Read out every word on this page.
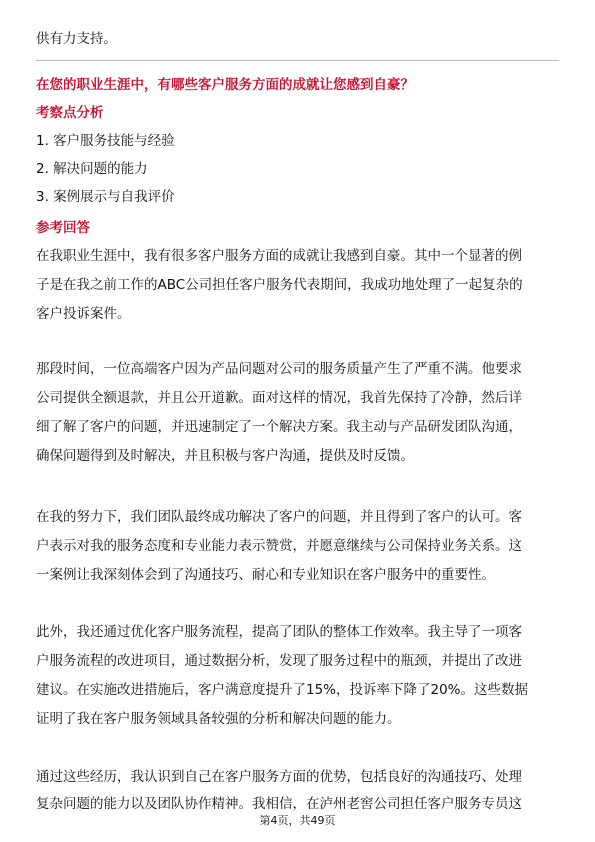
供有力支持。
在您的职业生涯中，有哪些客户服务方面的成就让您感到自豪？
考察点分析
1. 客户服务技能与经验
2. 解决问题的能力
3. 案例展示与自我评价
参考回答
在我职业生涯中，我有很多客户服务方面的成就让我感到自豪。其中一个显著的例
子是在我之前工作的ABC公司担任客户服务代表期间，我成功地处理了一起复杂的
客户投诉案件。
那段时间，一位高端客户因为产品问题对公司的服务质量产生了严重不满。他要求
公司提供全额退款，并且公开道歉。面对这样的情况，我首先保持了冷静，然后详
细了解了客户的问题，并迅速制定了一个解决方案。我主动与产品研发团队沟通，
确保问题得到及时解决，并且积极与客户沟通，提供及时反馈。
在我的努力下，我们团队最终成功解决了客户的问题，并且得到了客户的认可。客
户表示对我的服务态度和专业能力表示赞赏，并愿意继续与公司保持业务关系。这
一案例让我深刻体会到了沟通技巧、耐心和专业知识在客户服务中的重要性。
此外，我还通过优化客户服务流程，提高了团队的整体工作效率。我主导了一项客
户服务流程的改进项目，通过数据分析，发现了服务过程中的瓶颈，并提出了改进
建议。在实施改进措施后，客户满意度提升了15%，投诉率下降了20%。这些数据
证明了我在客户服务领域具备较强的分析和解决问题的能力。
通过这些经历，我认识到自己在客户服务方面的优势，包括良好的沟通技巧、处理
复杂问题的能力以及团队协作精神。我相信，在泸州老窖公司担任客户服务专员这
第4页，共49页
